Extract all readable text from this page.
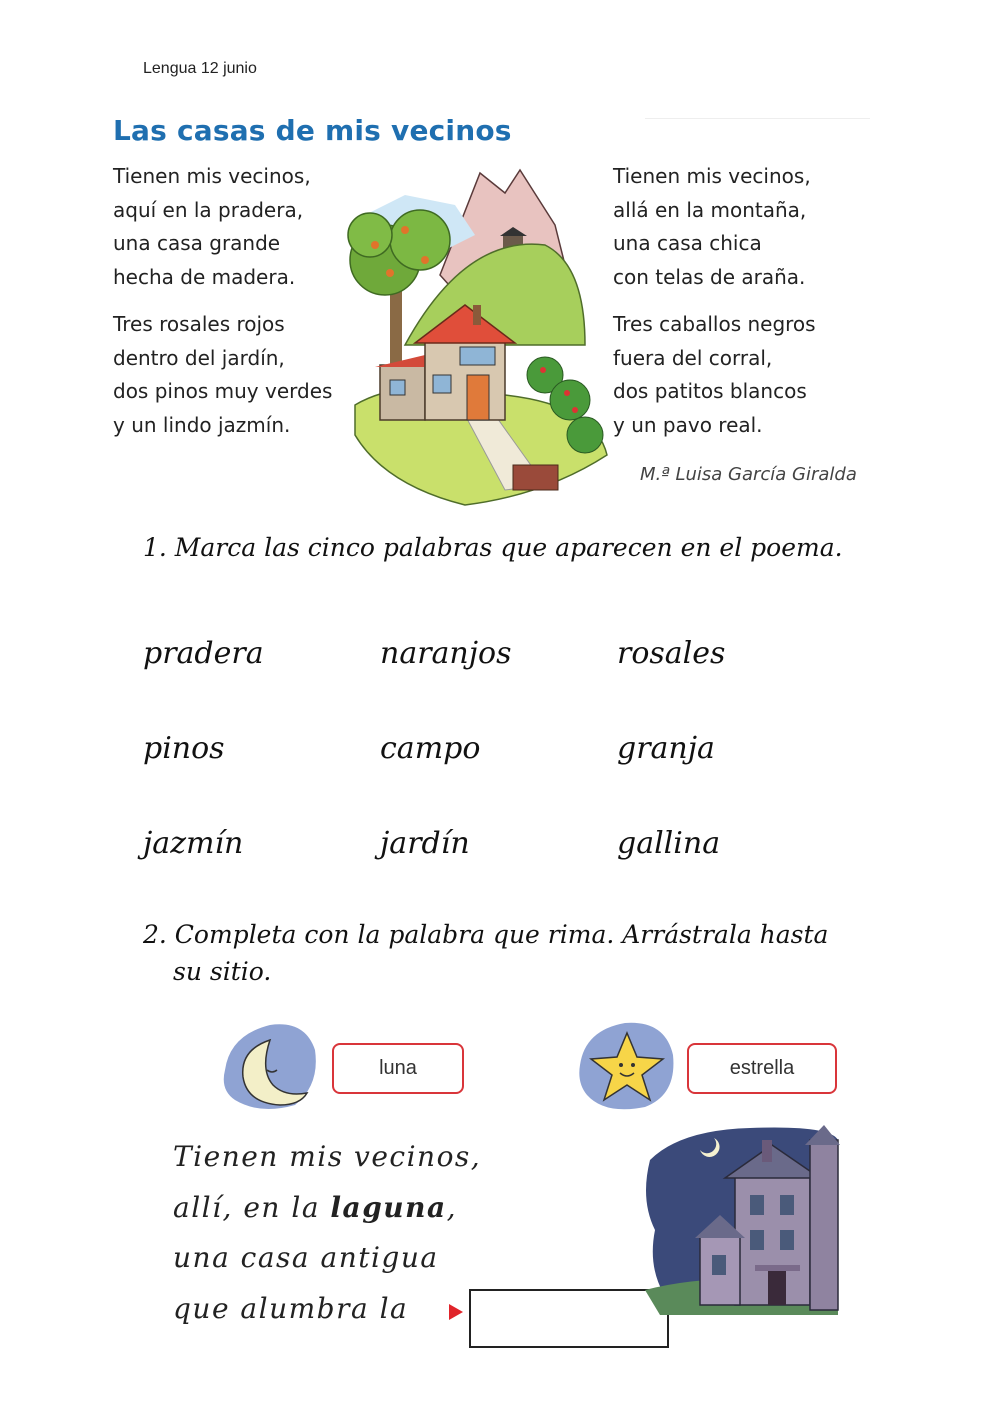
Lengua 12 junio
Las casas de mis vecinos
Tienen mis vecinos,
aquí en la pradera,
una casa grande
hecha de madera.
Tres rosales rojos
dentro del jardín,
dos pinos muy verdes
y un lindo jazmín.
Tienen mis vecinos,
allá en la montaña,
una casa chica
con telas de araña.
Tres caballos negros
fuera del corral,
dos patitos blancos
y un pavo real.
M.ª Luisa García Giralda
1. Marca las cinco palabras que aparecen en el poema.
pradera	naranjos	rosales
pinos	campo	granja
jazmín	jardín	gallina
2. Completa con la palabra que rima. Arrástrala hasta
su sitio.
luna	estrella
Tienen mis vecinos,
allí, en la laguna,
una casa antigua
que alumbra la
